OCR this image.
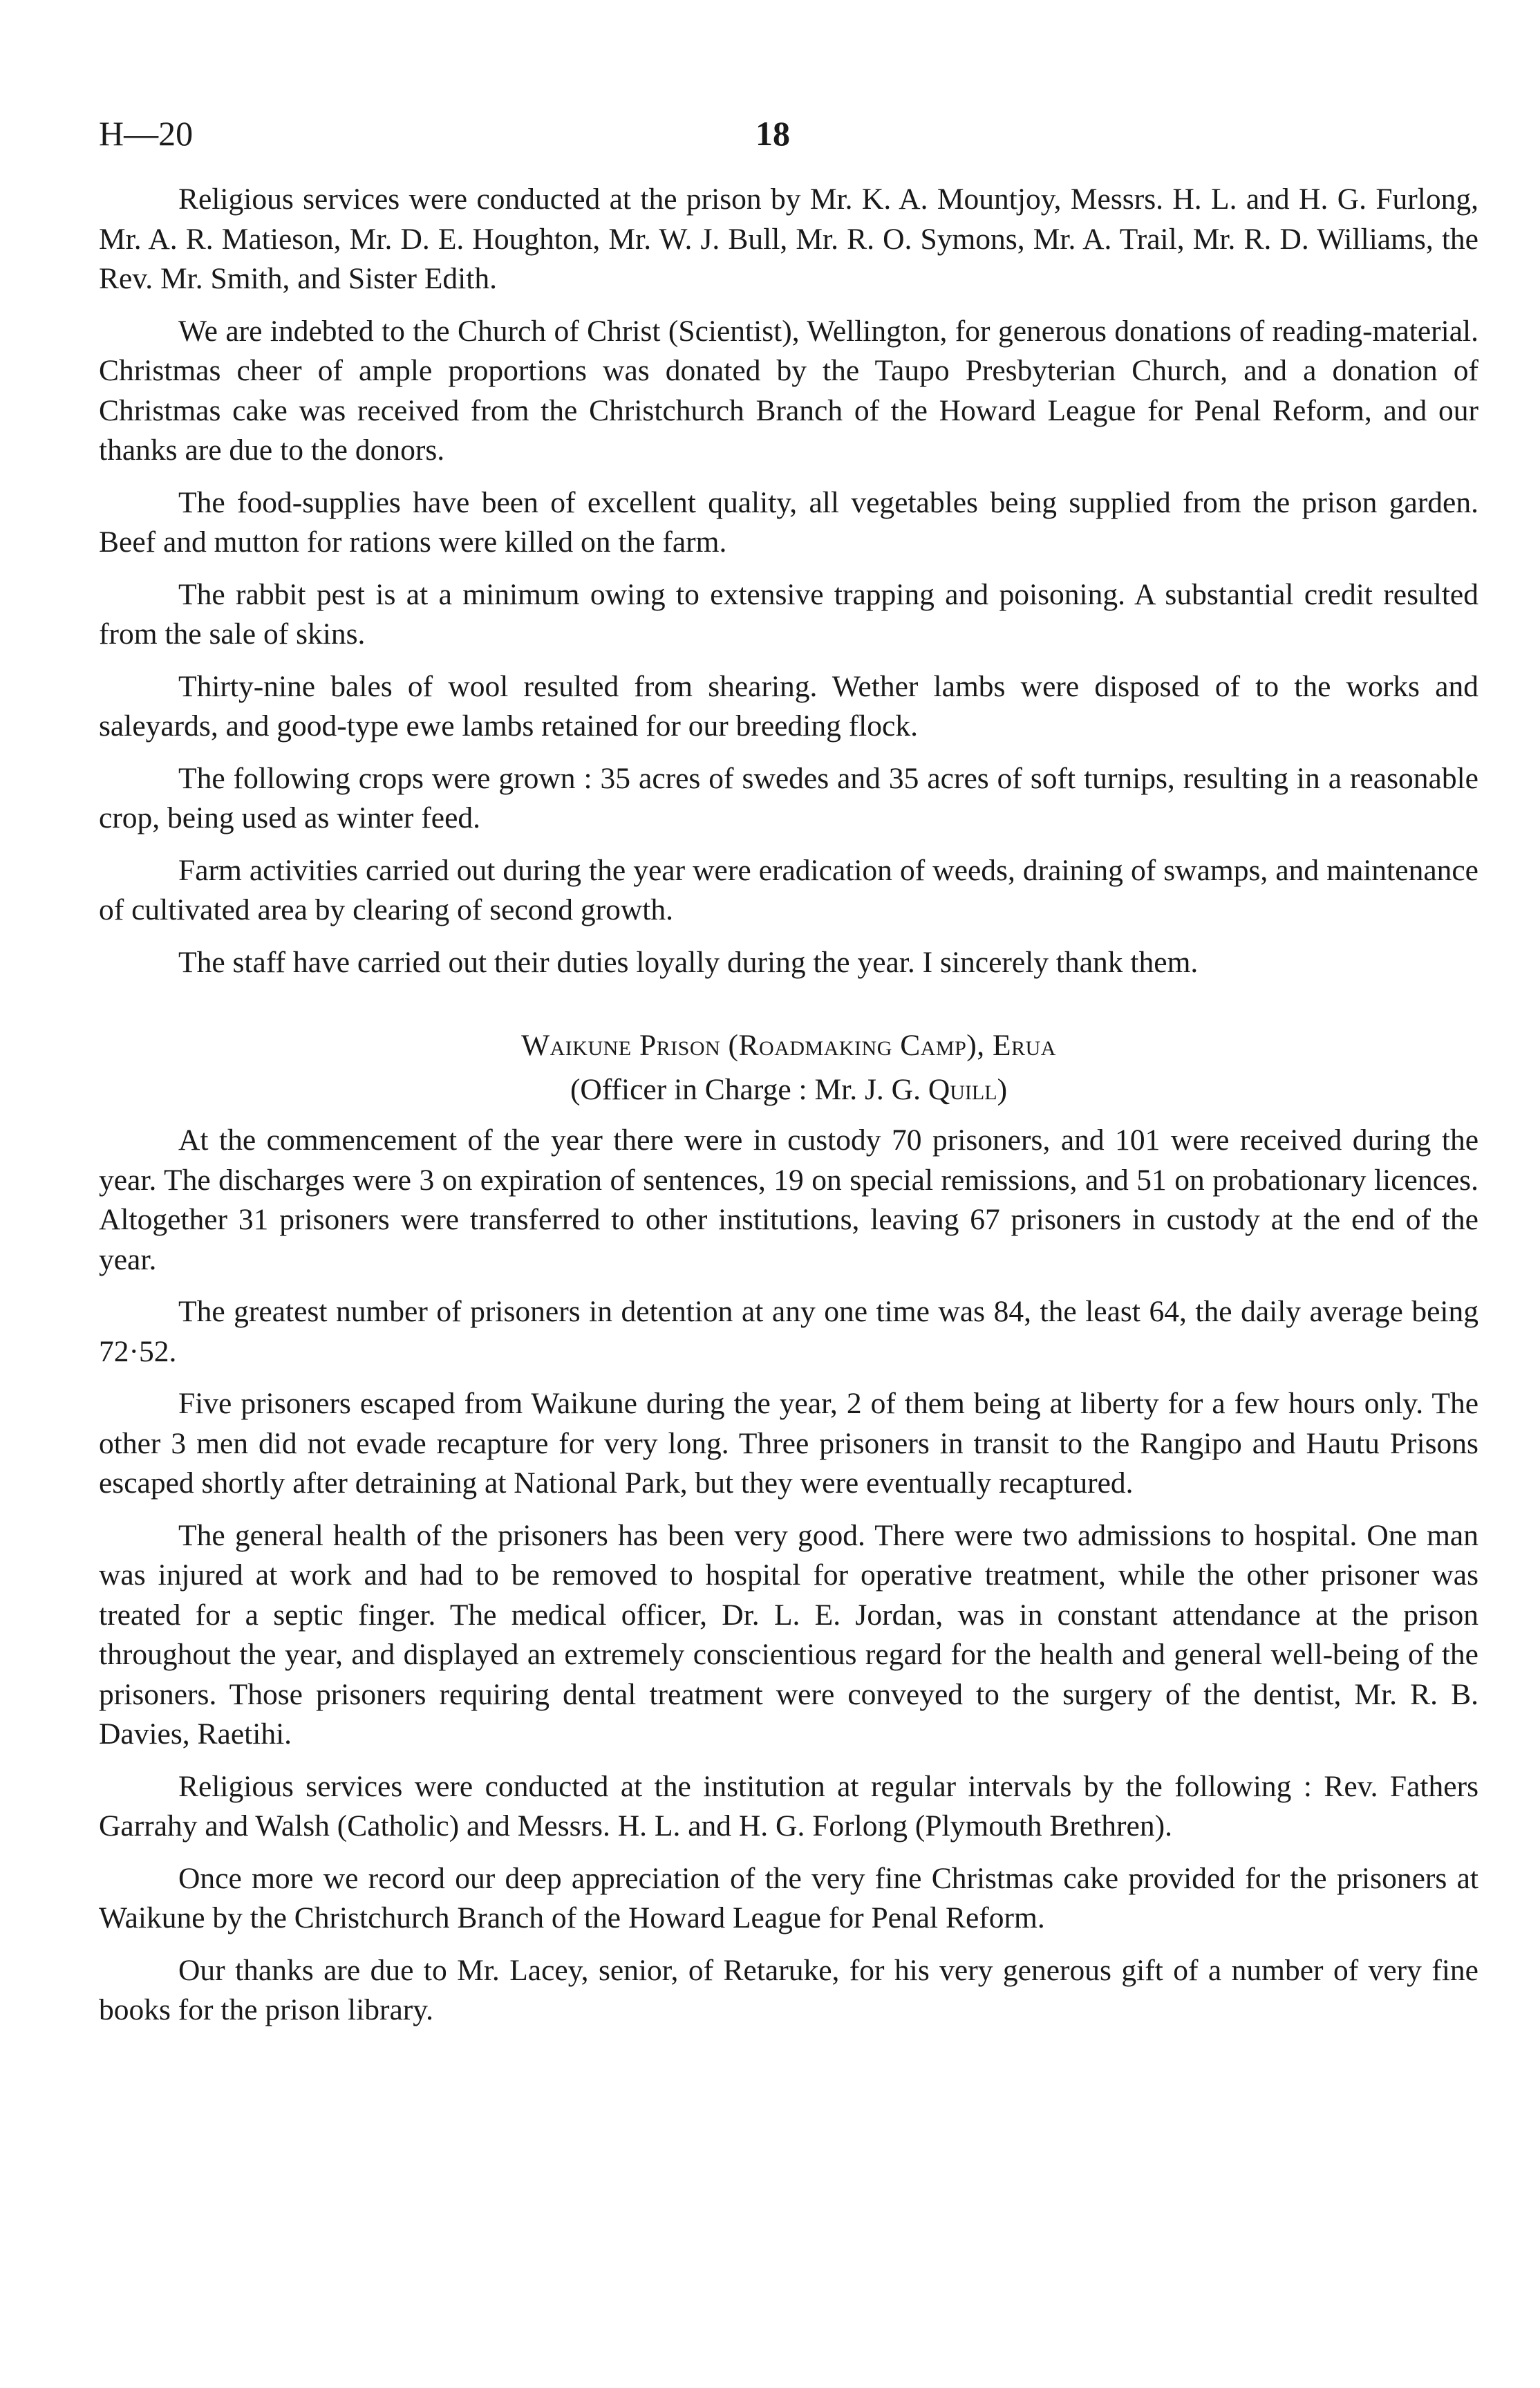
H—20	18

Religious services were conducted at the prison by Mr. K. A. Mountjoy, Messrs. H. L. and H. G. Furlong, Mr. A. R. Matieson, Mr. D. E. Houghton, Mr. W. J. Bull, Mr. R. O. Symons, Mr. A. Trail, Mr. R. D. Williams, the Rev. Mr. Smith, and Sister Edith.

We are indebted to the Church of Christ (Scientist), Wellington, for generous donations of reading-material. Christmas cheer of ample proportions was donated by the Taupo Presbyterian Church, and a donation of Christmas cake was received from the Christchurch Branch of the Howard League for Penal Reform, and our thanks are due to the donors.

The food-supplies have been of excellent quality, all vegetables being supplied from the prison garden. Beef and mutton for rations were killed on the farm.

The rabbit pest is at a minimum owing to extensive trapping and poisoning. A substantial credit resulted from the sale of skins.

Thirty-nine bales of wool resulted from shearing. Wether lambs were disposed of to the works and saleyards, and good-type ewe lambs retained for our breeding flock.

The following crops were grown : 35 acres of swedes and 35 acres of soft turnips, resulting in a reasonable crop, being used as winter feed.

Farm activities carried out during the year were eradication of weeds, draining of swamps, and maintenance of cultivated area by clearing of second growth.

The staff have carried out their duties loyally during the year. I sincerely thank them.

Waikune Prison (Roadmaking Camp), Erua
(Officer in Charge : Mr. J. G. Quill)

At the commencement of the year there were in custody 70 prisoners, and 101 were received during the year. The discharges were 3 on expiration of sentences, 19 on special remissions, and 51 on probationary licences. Altogether 31 prisoners were transferred to other institutions, leaving 67 prisoners in custody at the end of the year.

The greatest number of prisoners in detention at any one time was 84, the least 64, the daily average being 72·52.

Five prisoners escaped from Waikune during the year, 2 of them being at liberty for a few hours only. The other 3 men did not evade recapture for very long. Three prisoners in transit to the Rangipo and Hautu Prisons escaped shortly after detraining at National Park, but they were eventually recaptured.

The general health of the prisoners has been very good. There were two admissions to hospital. One man was injured at work and had to be removed to hospital for operative treatment, while the other prisoner was treated for a septic finger. The medical officer, Dr. L. E. Jordan, was in constant attendance at the prison throughout the year, and displayed an extremely conscientious regard for the health and general well-being of the prisoners. Those prisoners requiring dental treatment were conveyed to the surgery of the dentist, Mr. R. B. Davies, Raetihi.

Religious services were conducted at the institution at regular intervals by the following : Rev. Fathers Garrahy and Walsh (Catholic) and Messrs. H. L. and H. G. Forlong (Plymouth Brethren).

Once more we record our deep appreciation of the very fine Christmas cake provided for the prisoners at Waikune by the Christchurch Branch of the Howard League for Penal Reform.

Our thanks are due to Mr. Lacey, senior, of Retaruke, for his very generous gift of a number of very fine books for the prison library.
